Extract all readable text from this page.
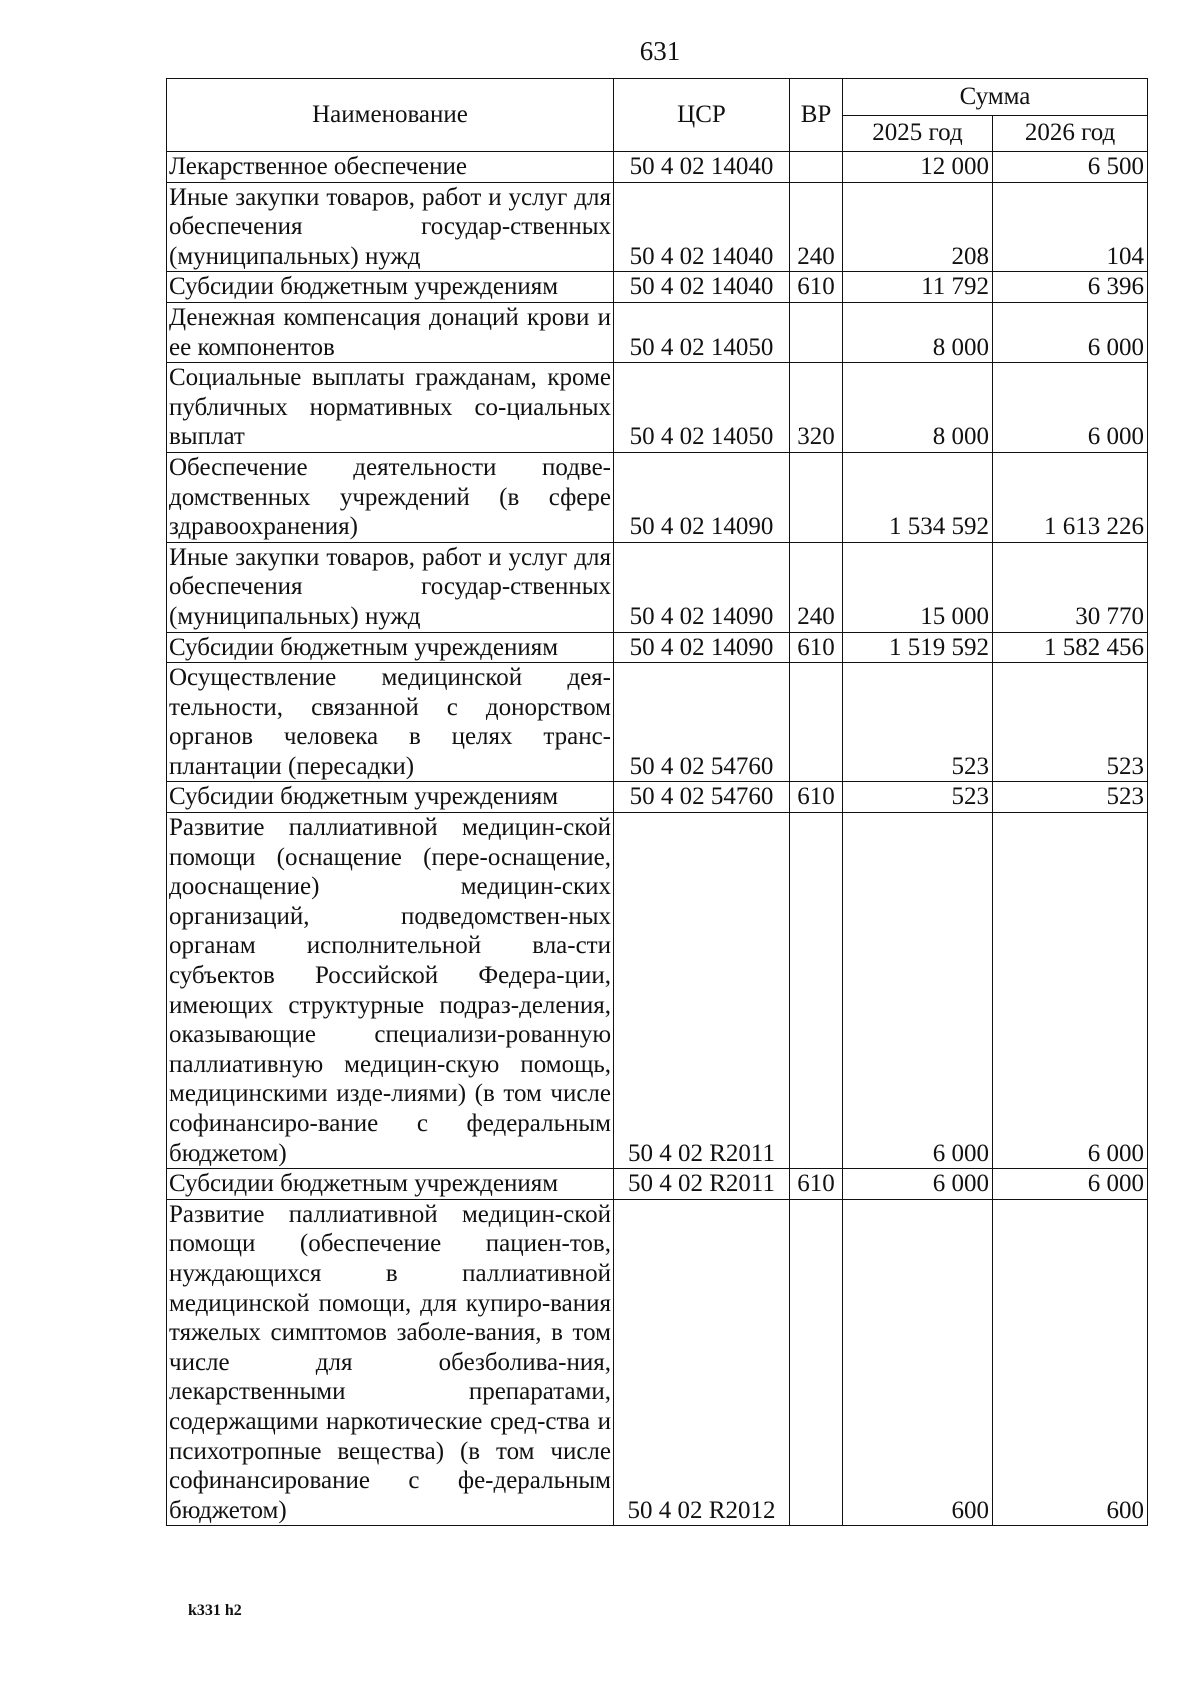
631
Наименование	ЦСР	ВР	Сумма	
			2025 год	2026 год
Лекарственное обеспечение	50 4 02 14040		12 000	6 500
Иные закупки товаров, работ и услуг для обеспечения государ-ственных (муниципальных) нужд	50 4 02 14040	240	208	104
Субсидии бюджетным учреждениям	50 4 02 14040	610	11 792	6 396
Денежная компенсация донаций крови и ее компонентов	50 4 02 14050		8 000	6 000
Социальные выплаты гражданам, кроме публичных нормативных со-циальных выплат	50 4 02 14050	320	8 000	6 000
Обеспечение деятельности подве-домственных учреждений (в сфере здравоохранения)	50 4 02 14090		1 534 592	1 613 226
Иные закупки товаров, работ и услуг для обеспечения государ-ственных (муниципальных) нужд	50 4 02 14090	240	15 000	30 770
Субсидии бюджетным учреждениям	50 4 02 14090	610	1 519 592	1 582 456
Осуществление медицинской дея-тельности, связанной с донорством органов человека в целях транс-плантации (пересадки)	50 4 02 54760		523	523
Субсидии бюджетным учреждениям	50 4 02 54760	610	523	523
Развитие паллиативной медицин-ской помощи (оснащение (пере-оснащение, дооснащение) медицин-ских организаций, подведомствен-ных органам исполнительной вла-сти субъектов Российской Федера-ции, имеющих структурные подраз-деления, оказывающие специализи-рованную паллиативную медицин-скую помощь, медицинскими изде-лиями) (в том числе софинансиро-вание с федеральным бюджетом)	50 4 02 R2011		6 000	6 000
Субсидии бюджетным учреждениям	50 4 02 R2011	610	6 000	6 000
Развитие паллиативной медицин-ской помощи (обеспечение пациен-тов, нуждающихся в паллиативной медицинской помощи, для купиро-вания тяжелых симптомов заболе-вания, в том числе для обезболива-ния, лекарственными препаратами, содержащими наркотические сред-ства и психотропные вещества) (в том числе софинансирование с фе-деральным бюджетом)	50 4 02 R2012		600	600
k331 h2
